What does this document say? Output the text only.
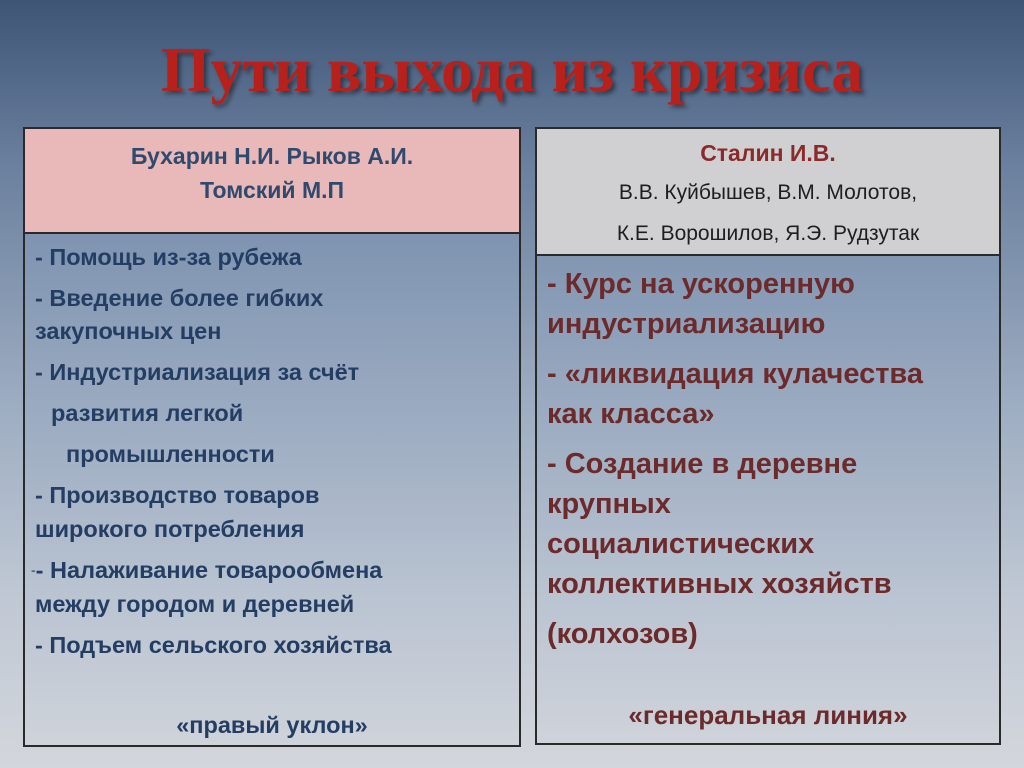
Пути выхода из кризиса
Бухарин Н.И. Рыков А.И.
Томский М.П
- Помощь из-за рубежа
- Введение более гибких
закупочных цен
- Индустриализация за счёт
развития легкой
промышленности
- Производство товаров
широкого потребления
-- Налаживание товарообмена
между городом и деревней
- Подъем сельского хозяйства
«правый уклон»
Сталин И.В.
В.В. Куйбышев, В.М. Молотов,
К.Е. Ворошилов, Я.Э. Рудзутак
- Курс на ускоренную
индустриализацию
- «ликвидация кулачества
как класса»
- Создание в деревне
крупных
социалистических
коллективных хозяйств
(колхозов)
«генеральная линия»
